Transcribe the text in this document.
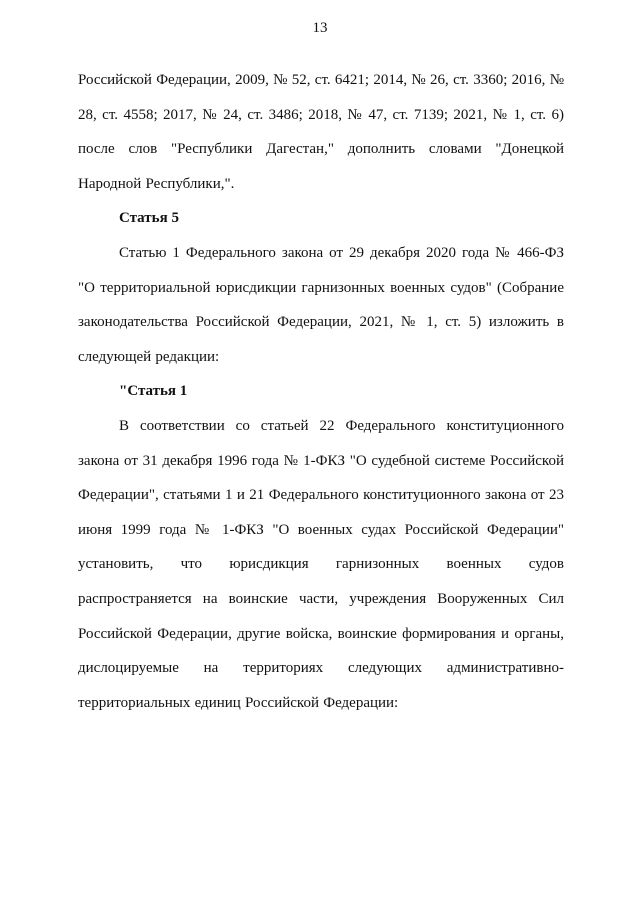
13

Российской Федерации, 2009, № 52, ст. 6421; 2014, № 26, ст. 3360; 2016, № 28, ст. 4558; 2017, № 24, ст. 3486; 2018, № 47, ст. 7139; 2021, № 1, ст. 6) после слов "Республики Дагестан," дополнить словами "Донецкой Народной Республики,".

Статья 5

Статью 1 Федерального закона от 29 декабря 2020 года № 466-ФЗ "О территориальной юрисдикции гарнизонных военных судов" (Собрание законодательства Российской Федерации, 2021, № 1, ст. 5) изложить в следующей редакции:

"Статья 1

В соответствии со статьей 22 Федерального конституционного закона от 31 декабря 1996 года № 1-ФКЗ "О судебной системе Российской Федерации", статьями 1 и 21 Федерального конституционного закона от 23 июня 1999 года № 1-ФКЗ "О военных судах Российской Федерации" установить, что юрисдикция гарнизонных военных судов распространяется на воинские части, учреждения Вооруженных Сил Российской Федерации, другие войска, воинские формирования и органы, дислоцируемые на территориях следующих административно-территориальных единиц Российской Федерации:
